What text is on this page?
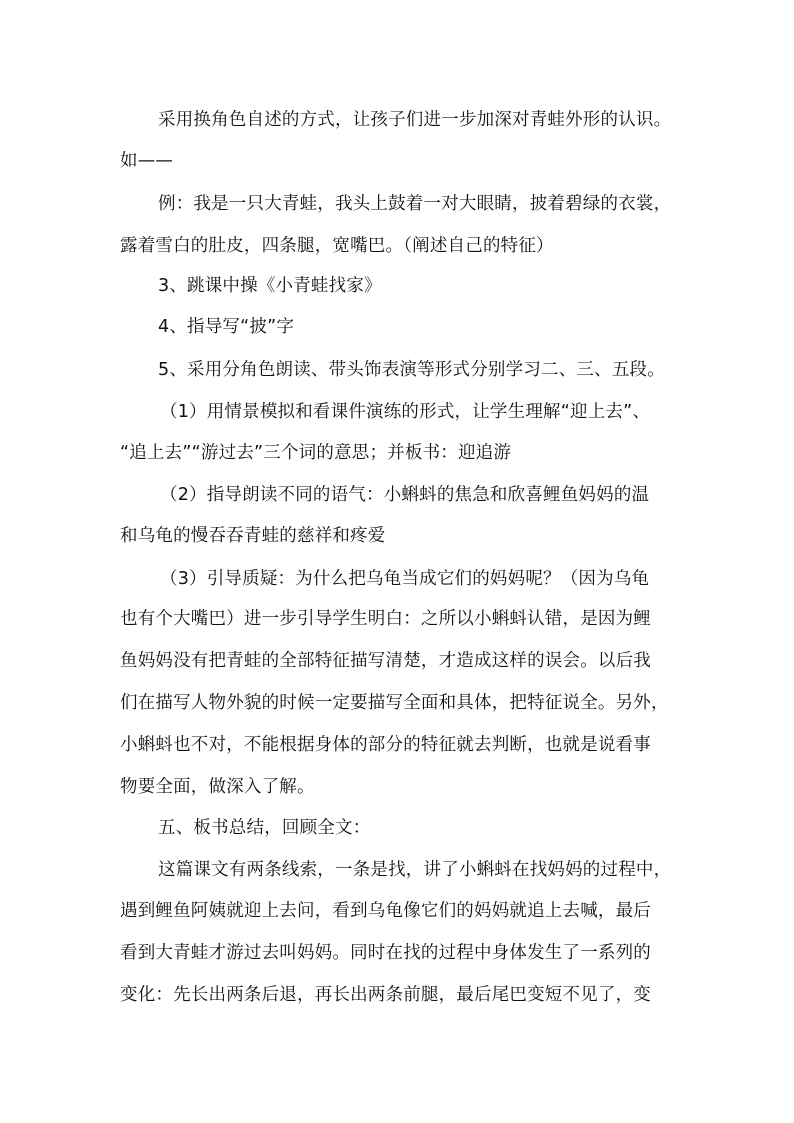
采用换角色自述的方式，让孩子们进一步加深对青蛙外形的认识。
如——
例：我是一只大青蛙，我头上鼓着一对大眼睛，披着碧绿的衣裳，
露着雪白的肚皮，四条腿，宽嘴巴。（阐述自己的特征）
3、跳课中操《小青蛙找家》
4、指导写“披”字
5、采用分角色朗读、带头饰表演等形式分别学习二、三、五段。
（1）用情景模拟和看课件演练的形式，让学生理解“迎上去”、
“追上去”“游过去”三个词的意思；并板书：迎追游
（2）指导朗读不同的语气：小蝌蚪的焦急和欣喜鲤鱼妈妈的温
和乌龟的慢吞吞青蛙的慈祥和疼爱
（3）引导质疑：为什么把乌龟当成它们的妈妈呢？（因为乌龟
也有个大嘴巴）进一步引导学生明白：之所以小蝌蚪认错，是因为鲤
鱼妈妈没有把青蛙的全部特征描写清楚，才造成这样的误会。以后我
们在描写人物外貌的时候一定要描写全面和具体，把特征说全。另外，
小蝌蚪也不对，不能根据身体的部分的特征就去判断，也就是说看事
物要全面，做深入了解。
五、板书总结，回顾全文：
这篇课文有两条线索，一条是找，讲了小蝌蚪在找妈妈的过程中，
遇到鲤鱼阿姨就迎上去问，看到乌龟像它们的妈妈就追上去喊，最后
看到大青蛙才游过去叫妈妈。同时在找的过程中身体发生了一系列的
变化：先长出两条后退，再长出两条前腿，最后尾巴变短不见了，变
